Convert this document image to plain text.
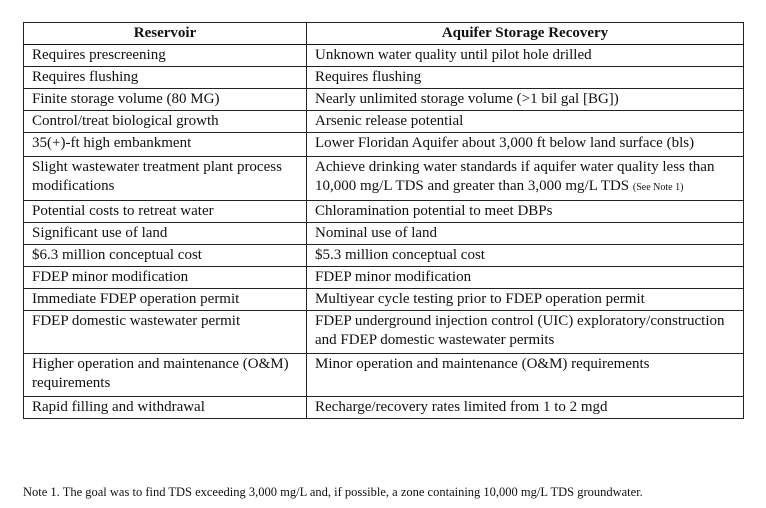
Reservoir	Aquifer Storage Recovery
Requires prescreening	Unknown water quality until pilot hole drilled
Requires flushing	Requires flushing
Finite storage volume (80 MG)	Nearly unlimited storage volume (>1 bil gal [BG])
Control/treat biological growth	Arsenic release potential
35(+)-ft high embankment	Lower Floridan Aquifer about 3,000 ft below land surface (bls)
Slight wastewater treatment plant process modifications	Achieve drinking water standards if aquifer water quality less than 10,000 mg/L TDS and greater than 3,000 mg/L TDS (See Note 1)
Potential costs to retreat water	Chloramination potential to meet DBPs
Significant use of land	Nominal use of land
$6.3 million conceptual cost	$5.3 million conceptual cost
FDEP minor modification	FDEP minor modification
Immediate FDEP operation permit	Multiyear cycle testing prior to FDEP operation permit
FDEP domestic wastewater permit	FDEP underground injection control (UIC) exploratory/construction and FDEP domestic wastewater permits
Higher operation and maintenance (O&M) requirements	Minor operation and maintenance (O&M) requirements
Rapid filling and withdrawal	Recharge/recovery rates limited from 1 to 2 mgd
Note 1. The goal was to find TDS exceeding 3,000 mg/L and, if possible, a zone containing 10,000 mg/L TDS groundwater.
